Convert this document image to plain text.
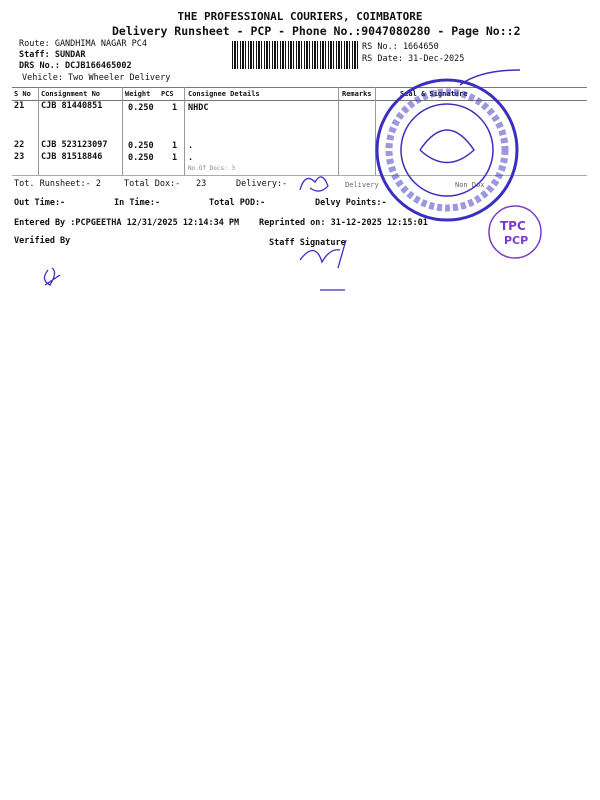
THE PROFESSIONAL COURIERS, COIMBATORE
Delivery Runsheet - PCP - Phone No.:9047080280 - Page No::2
Route: GANDHIMA NAGAR PC4
Staff: SUNDAR
DRS No.: DCJB166465002
Vehicle: Two Wheeler Delivery
RS No.: 1664650
RS Date: 31-Dec-2025
S No Consignment No	Weight PCS Consignee Details	Remarks	Seal & Signature
21 CJB 81440851	0.250 1 NHDC
22 CJB 523123097 0.250 1 .
23 CJB 81518846	0.250 1 .
No.Of Docs: 3
Tot. Runsheet:- 2	Total Dox:- 23	Delivery:-	Delivery	Non Dox
Out Time:-	In Time:-	Total POD:-	Delvy Points:-
Entered By :PCPGEETHA 12/31/2025 12:14:34 PM Reprinted on: 31-12-2025 12:15:01
Verified By	Staff Signature
TPC
PCP
